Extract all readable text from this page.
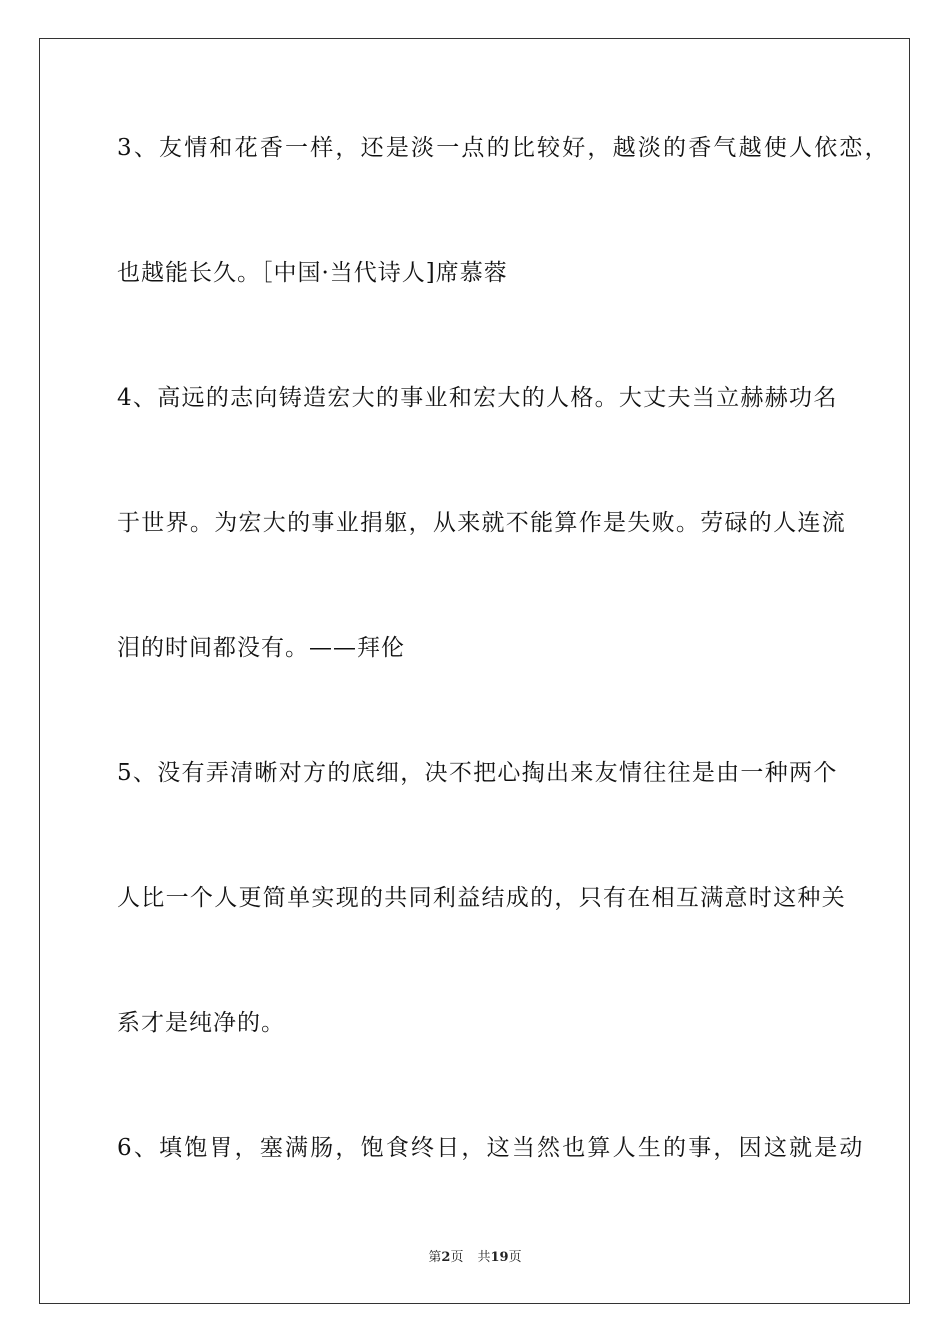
3、友情和花香一样，还是淡一点的比较好，越淡的香气越使人依恋，
也越能长久。［中国·当代诗人]席慕蓉
4、高远的志向铸造宏大的事业和宏大的人格。大丈夫当立赫赫功名
于世界。为宏大的事业捐躯，从来就不能算作是失败。劳碌的人连流
泪的时间都没有。——拜伦
5、没有弄清晰对方的底细，决不把心掏出来友情往往是由一种两个
人比一个人更简单实现的共同利益结成的，只有在相互满意时这种关
系才是纯净的。
6、填饱胃，塞满肠，饱食终日，这当然也算人生的事，因这就是动
第2页 共19页
